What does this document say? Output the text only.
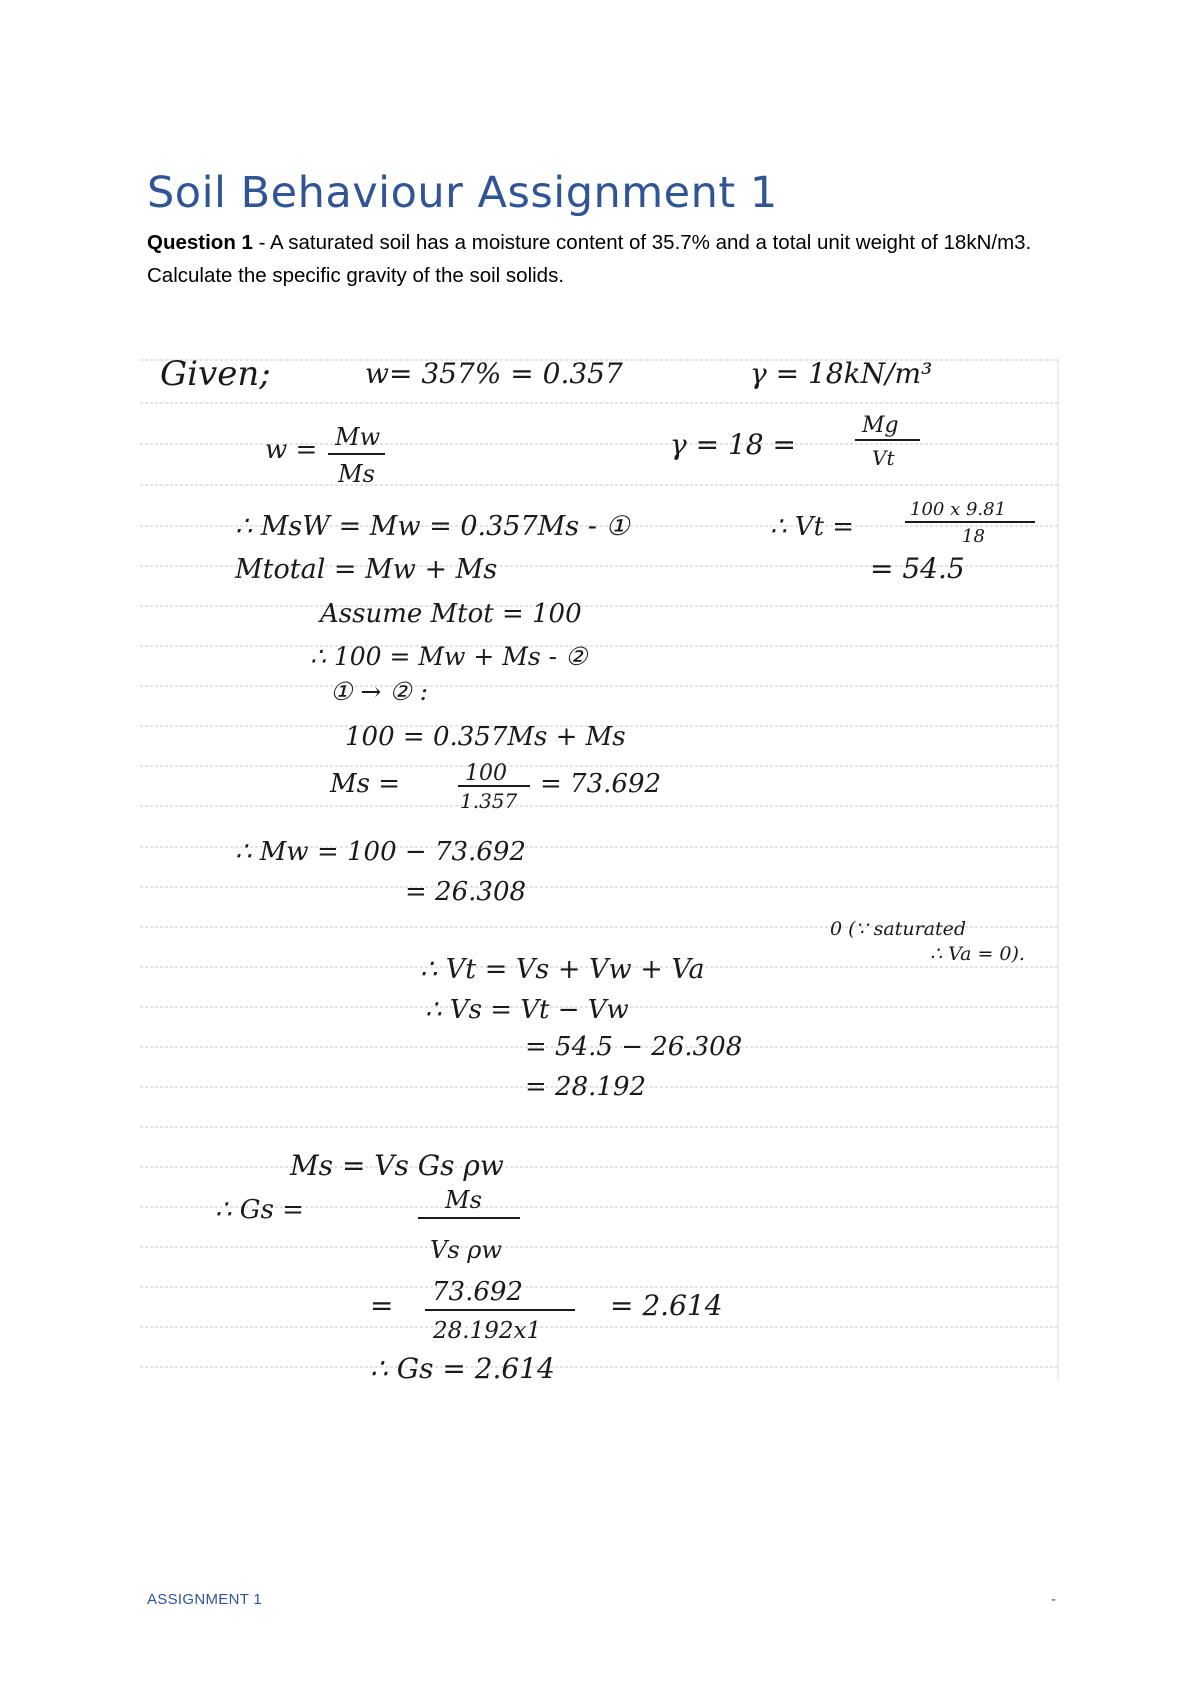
Soil Behaviour Assignment 1
Question 1 - A saturated soil has a moisture content of 35.7% and a total unit weight of 18kN/m3. Calculate the specific gravity of the soil solids.
Given;	w= 357% = 0.357	γ = 18kN/m³
w = Mw
Ms
γ = 18 =
Mg
Vt
∴ MsW = Mw = 0.357Ms - ①	∴ Vt =
100 x 9.81
18
Mtotal = Mw + Ms	= 54.5
Assume Mtot = 100
∴ 100 = Mw + Ms - ②
① → ② :
100 = 0.357Ms + Ms
Ms =	100
1.357
= 73.692
∴ Mw = 100 − 73.692
= 26.308
0 (∵ saturated
∴ Va = 0).
∴ Vt = Vs + Vw + Va
∴ Vs = Vt − Vw
= 54.5 − 26.308
= 28.192
Ms = Vs Gs ρw
∴ Gs =	Ms
Vs ρw
= 73.692
28.192x1
= 2.614
∴ Gs = 2.614
ASSIGNMENT 1	-
